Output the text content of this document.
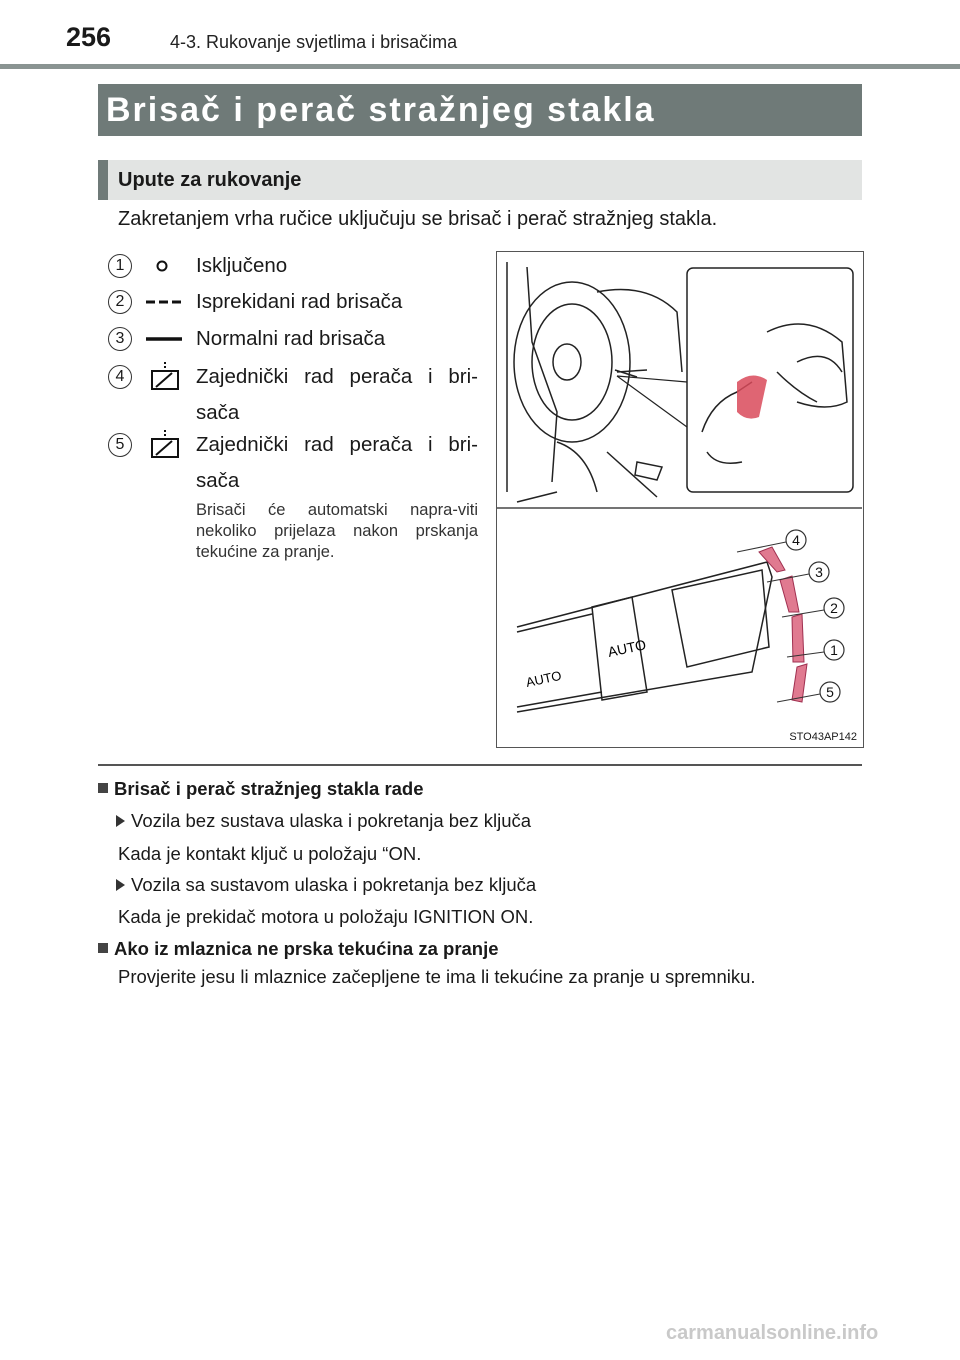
256	4-3. Rukovanje svjetlima i brisačima
Brisač i perač stražnjeg stakla
Upute za rukovanje
Zakretanjem vrha ručice uključuju se brisač i perač stražnjeg stakla.
1	Isključeno
2	Isprekidani rad brisača
3	Normalni rad brisača
4	Zajednički rad perača i bri-sača
5	Zajednički rad perača i bri-sača
Brisači će automatski napra-viti nekoliko prijelaza nakon prskanja tekućine za pranje.
AUTO
AUTO
4
3
2
1
5
STO43AP142
Brisač i perač stražnjeg stakla rade
Vozila bez sustava ulaska i pokretanja bez ključa
Kada je kontakt ključ u položaju “ON.
Vozila sa sustavom ulaska i pokretanja bez ključa
Kada je prekidač motora u položaju IGNITION ON.
Ako iz mlaznica ne prska tekućina za pranje
Provjerite jesu li mlaznice začepljene te ima li tekućine za pranje u spremniku.
carmanualsonline.info
